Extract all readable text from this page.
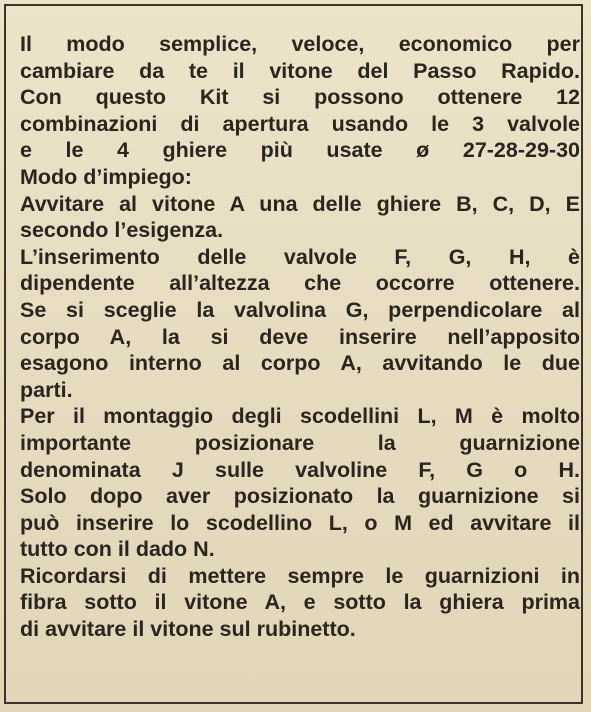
Il modo semplice, veloce, economico per
cambiare da te il vitone del Passo Rapido.
Con questo Kit si possono ottenere 12
combinazioni di apertura usando le 3 valvole
e le 4 ghiere più usate ø 27-28-29-30
Modo d’impiego:
Avvitare al vitone A una delle ghiere B, C, D, E
secondo l’esigenza.
L’inserimento delle valvole F, G, H, è
dipendente all’altezza che occorre ottenere.
Se si sceglie la valvolina G, perpendicolare al
corpo A, la si deve inserire nell’apposito
esagono interno al corpo A, avvitando le due
parti.
Per il montaggio degli scodellini L, M è molto
importante posizionare la guarnizione
denominata J sulle valvoline F, G o H.
Solo dopo aver posizionato la guarnizione si
può inserire lo scodellino L, o M ed avvitare il
tutto con il dado N.
Ricordarsi di mettere sempre le guarnizioni in
fibra sotto il vitone A, e sotto la ghiera prima
di avvitare il vitone sul rubinetto.
